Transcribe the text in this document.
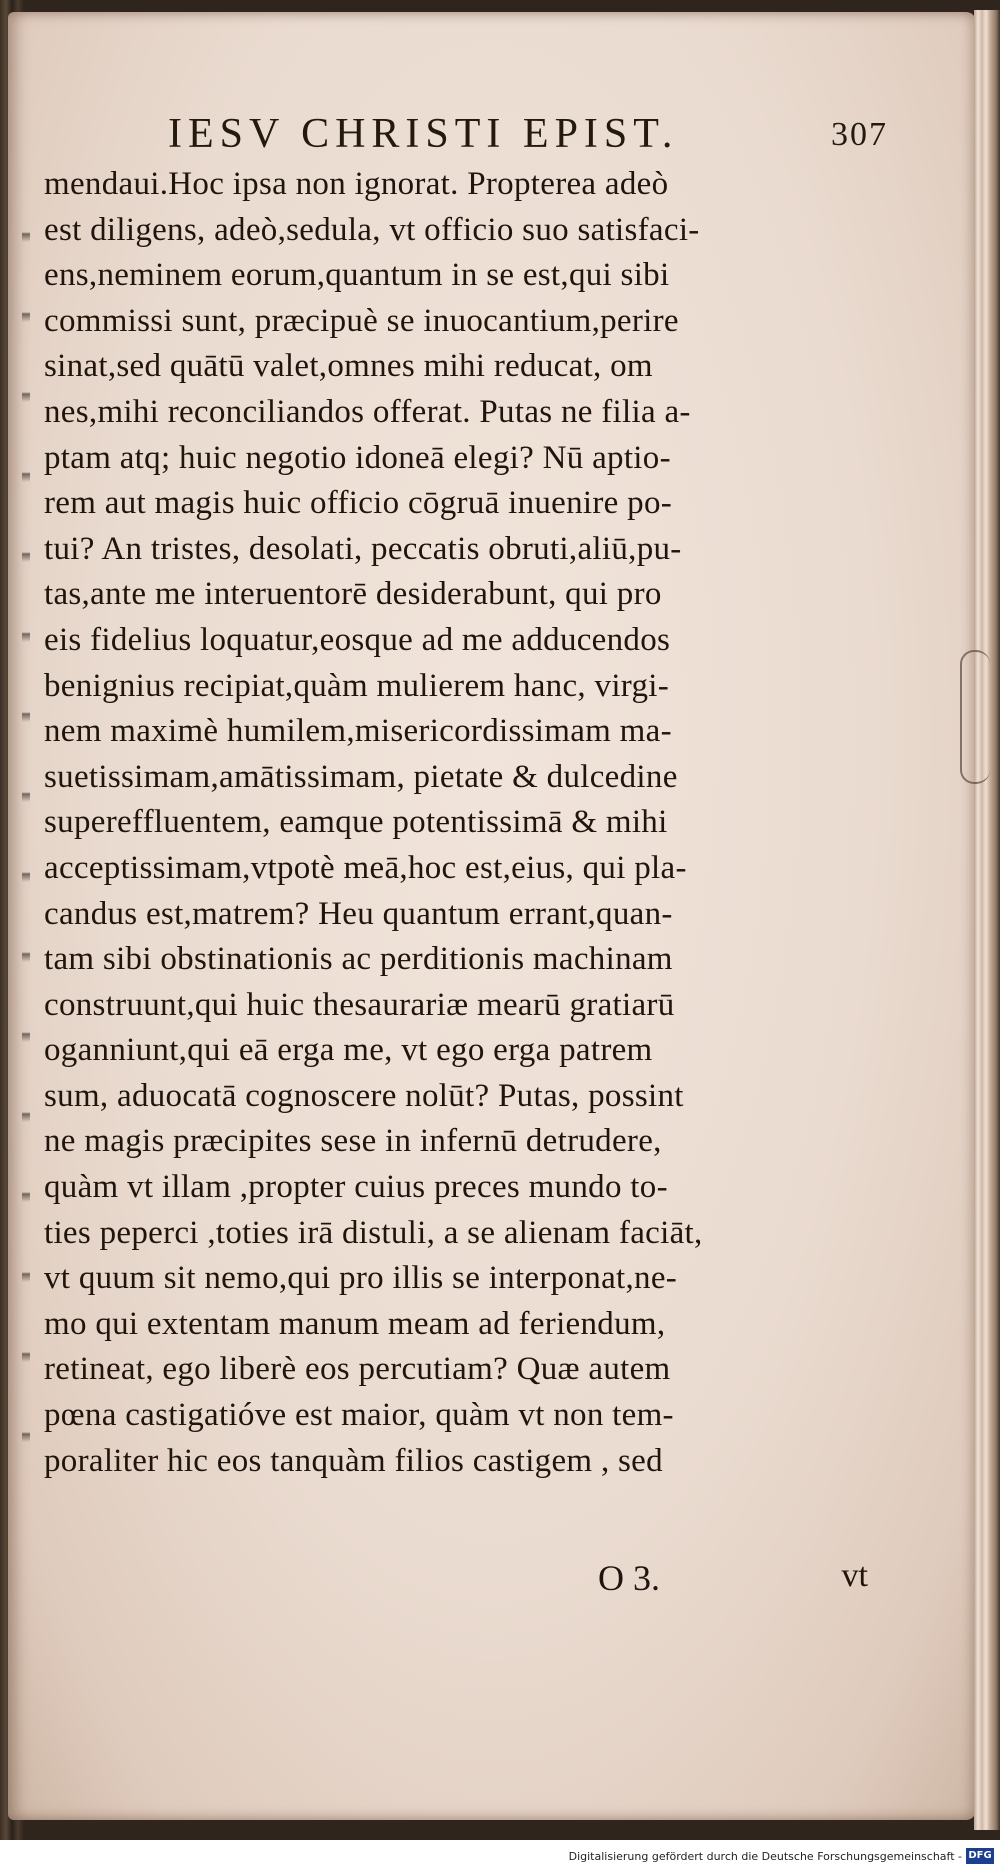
IESV CHRISTI EPIST.	307
mendaui.Hoc ipsa non ignorat. Propterea adeò
est diligens, adeò,sedula, vt officio suo satisfaci-
ens,neminem eorum,quantum in se est,qui sibi
commissi sunt, præcipuè se inuocantium,perire
sinat,sed quātū valet,omnes mihi reducat, om
nes,mihi reconciliandos offerat. Putas ne filia a-
ptam atq; huic negotio idoneā elegi? Nū aptio-
rem aut magis huic officio cōgruā inuenire po-
tui? An tristes, desolati, peccatis obruti,aliū,pu-
tas,ante me interuentorē desiderabunt, qui pro
eis fidelius loquatur,eosque ad me adducendos
benignius recipiat,quàm mulierem hanc, virgi-
nem maximè humilem,misericordissimam ma-
suetissimam,amātissimam, pietate & dulcedine
supereffluentem, eamque potentissimā & mihi
acceptissimam,vtpotè meā,hoc est,eius, qui pla-
candus est,matrem? Heu quantum errant,quan-
tam sibi obstinationis ac perditionis machinam
construunt,qui huic thesaurariæ mearū gratiarū
oganniunt,qui eā erga me, vt ego erga patrem
sum, aduocatā cognoscere nolūt? Putas, possint
ne magis præcipites sese in infernū detrudere,
quàm vt illam ,propter cuius preces mundo to-
ties peperci ,toties irā distuli, a se alienam faciāt,
vt quum sit nemo,qui pro illis se interponat,ne-
mo qui extentam manum meam ad feriendum,
retineat, ego liberè eos percutiam? Quæ autem
pœna castigatióve est maior, quàm vt non tem-
poraliter hic eos tanquàm filios castigem , sed
O 3.	vt
Digitalisierung gefördert durch die Deutsche Forschungsgemeinschaft - DFG
